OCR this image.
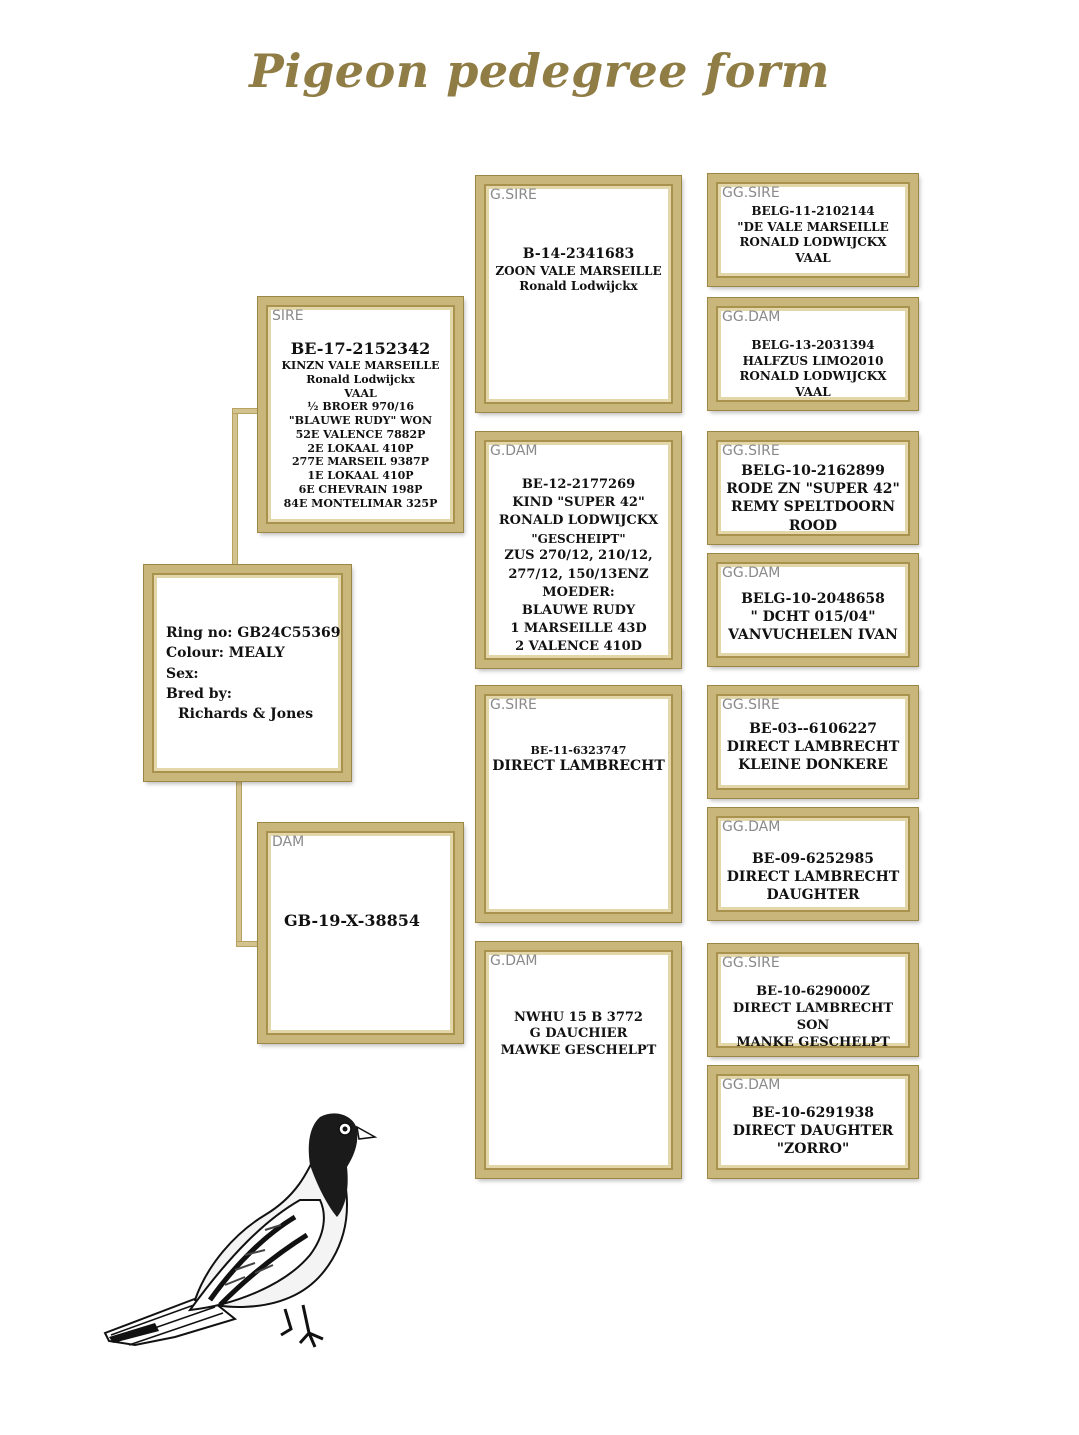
Pigeon pedegree form
Ring no: GB24C55369
Colour: MEALY
Sex:
Bred by:
Richards & Jones
SIRE
BE-17-2152342
KINZN VALE MARSEILLE
Ronald Lodwijckx
VAAL
½ BROER 970/16
"BLAUWE RUDY" WON
52E VALENCE 7882P
2E LOKAAL 410P
277E MARSEIL 9387P
1E LOKAAL 410P
6E CHEVRAIN 198P
84E MONTELIMAR 325P
DAM
GB-19-X-38854
G.SIRE
B-14-2341683
ZOON VALE MARSEILLE
Ronald Lodwijckx
G.DAM
BE-12-2177269
KIND "SUPER 42"
RONALD LODWIJCKX
"GESCHEIPT"
ZUS 270/12, 210/12,
277/12, 150/13ENZ
MOEDER:
BLAUWE RUDY
1 MARSEILLE 43D
2 VALENCE 410D
G.SIRE
BE-11-6323747
DIRECT LAMBRECHT
G.DAM
NWHU 15 B 3772
G DAUCHIER
MAWKE GESCHELPT
GG.SIRE
BELG-11-2102144
"DE VALE MARSEILLE
RONALD LODWIJCKX
VAAL
GG.DAM
BELG-13-2031394
HALFZUS LIMO2010
RONALD LODWIJCKX
VAAL
GG.SIRE
BELG-10-2162899
RODE ZN "SUPER 42"
REMY SPELTDOORN
ROOD
GG.DAM
BELG-10-2048658
" DCHT 015/04"
VANVUCHELEN IVAN
GG.SIRE
BE-03--6106227
DIRECT LAMBRECHT
KLEINE DONKERE
GG.DAM
BE-09-6252985
DIRECT LAMBRECHT
DAUGHTER
GG.SIRE
BE-10-629000Z
DIRECT LAMBRECHT
SON
MANKE GESCHELPT
GG.DAM
BE-10-6291938
DIRECT DAUGHTER
"ZORRO"
